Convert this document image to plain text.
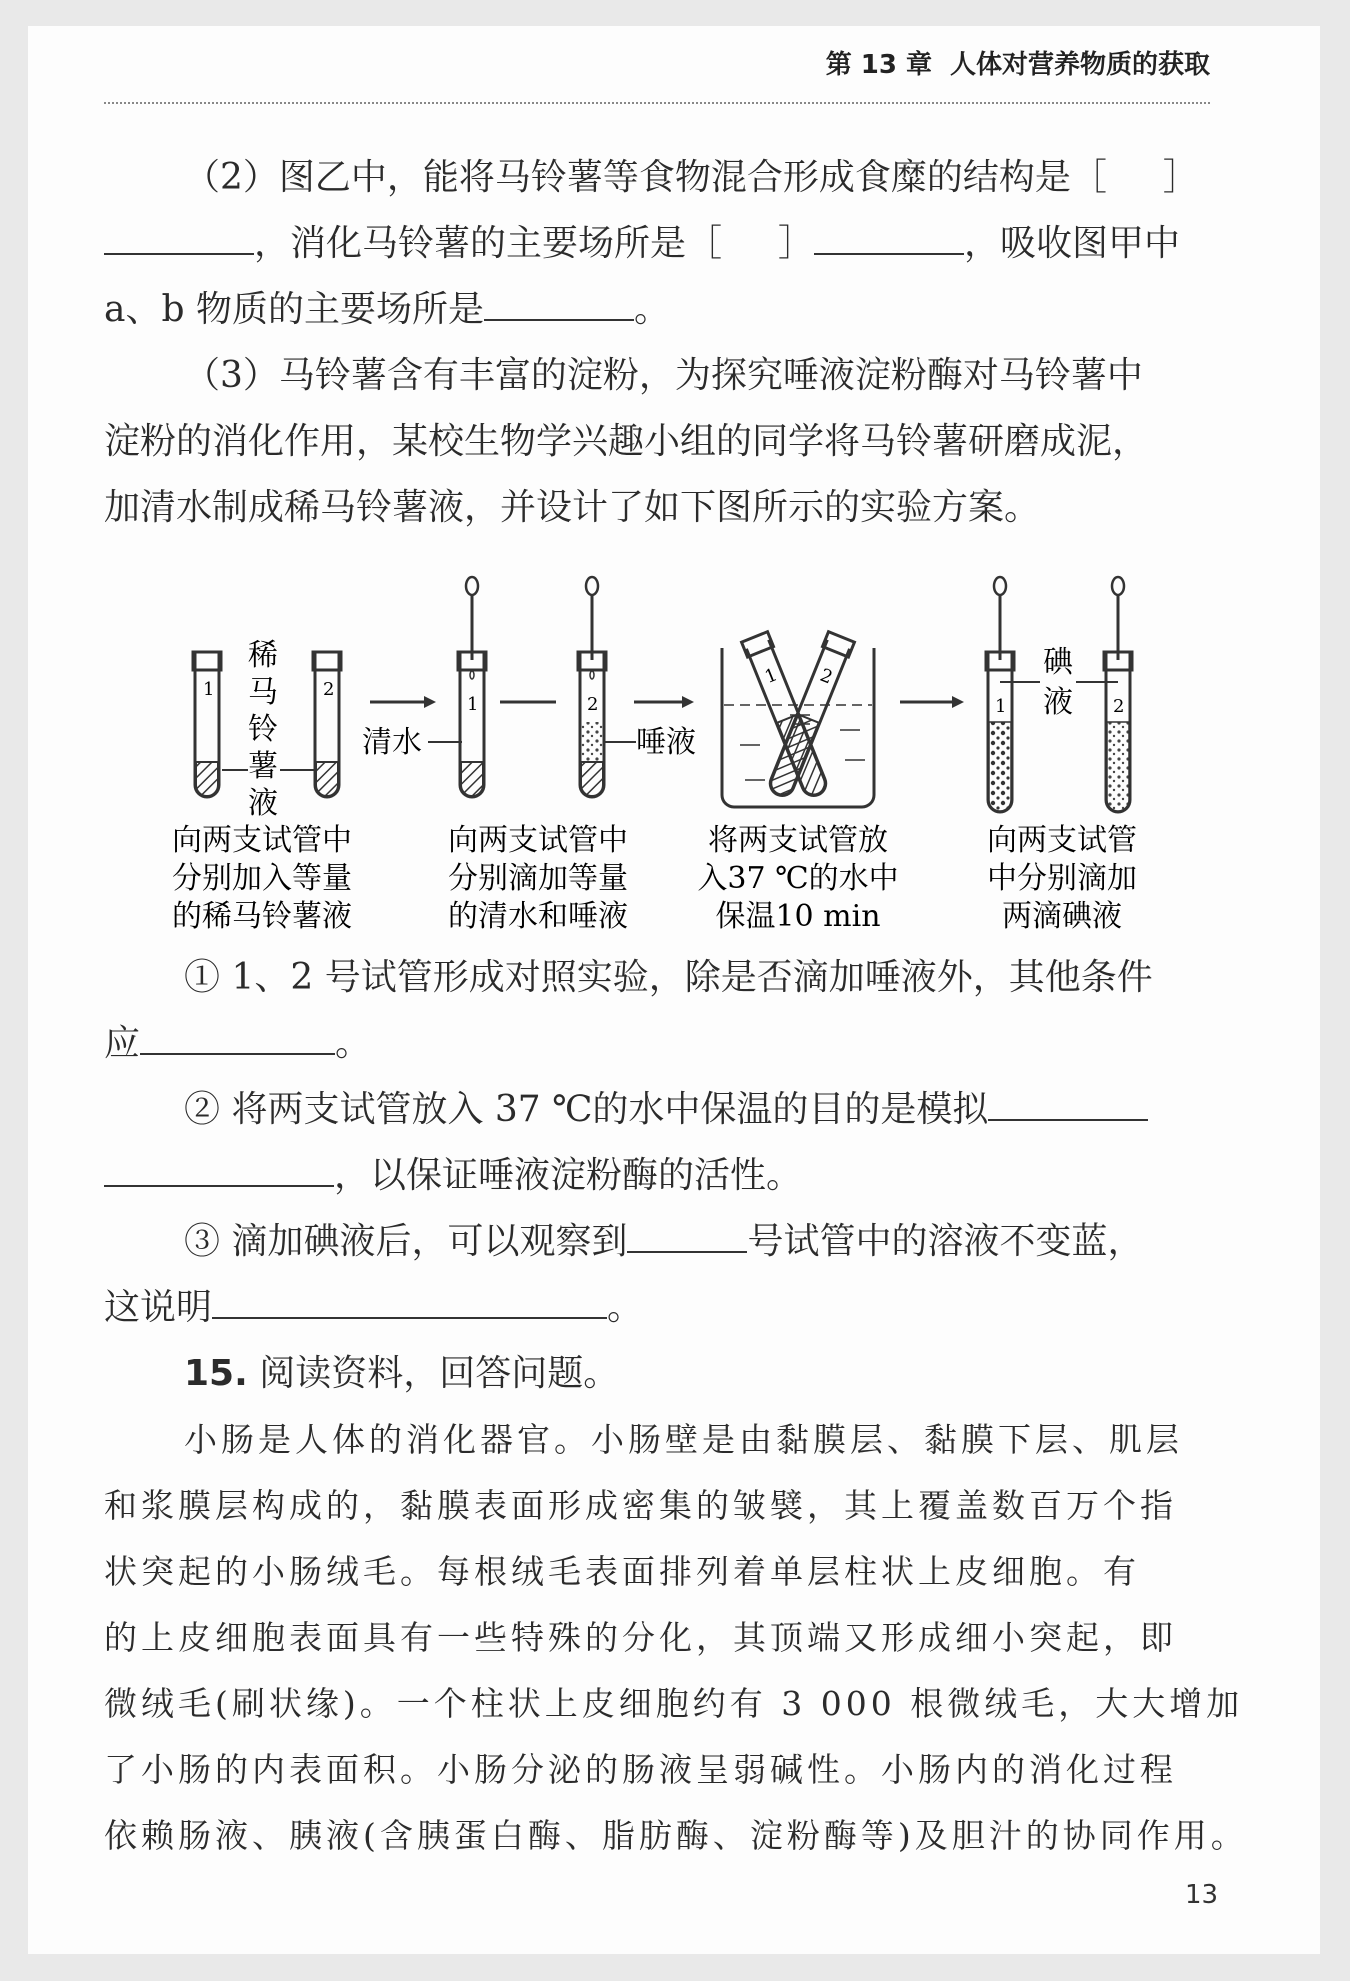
第 13 章 人体对营养物质的获取
（2）图乙中，能将马铃薯等食物混合形成食糜的结构是［ ］
，消化马铃薯的主要场所是［ ］	，吸收图甲中
a、b 物质的主要场所是	。
（3）马铃薯含有丰富的淀粉，为探究唾液淀粉酶对马铃薯中
淀粉的消化作用，某校生物学兴趣小组的同学将马铃薯研磨成泥，
加清水制成稀马铃薯液，并设计了如下图所示的实验方案。
1	2
稀
马
铃
薯
液
清水
1	2
唾液
1 2
1	2
碘
液
向两支试管中
分别加入等量
的稀马铃薯液
向两支试管中
分别滴加等量
的清水和唾液
将两支试管放
入37 ℃的水中
保温10 min
向两支试管
中分别滴加
两滴碘液
① 1、2 号试管形成对照实验，除是否滴加唾液外，其他条件
应	。
② 将两支试管放入 37 ℃的水中保温的目的是模拟
，以保证唾液淀粉酶的活性。
③ 滴加碘液后，可以观察到	号试管中的溶液不变蓝，
这说明	。
15. 阅读资料，回答问题。
小肠是人体的消化器官。小肠壁是由黏膜层、黏膜下层、肌层
和浆膜层构成的，黏膜表面形成密集的皱襞，其上覆盖数百万个指
状突起的小肠绒毛。每根绒毛表面排列着单层柱状上皮细胞。有
的上皮细胞表面具有一些特殊的分化，其顶端又形成细小突起，即
微绒毛(刷状缘)。一个柱状上皮细胞约有 3 000 根微绒毛，大大增加
了小肠的内表面积。小肠分泌的肠液呈弱碱性。小肠内的消化过程
依赖肠液、胰液(含胰蛋白酶、脂肪酶、淀粉酶等)及胆汁的协同作用。
13
